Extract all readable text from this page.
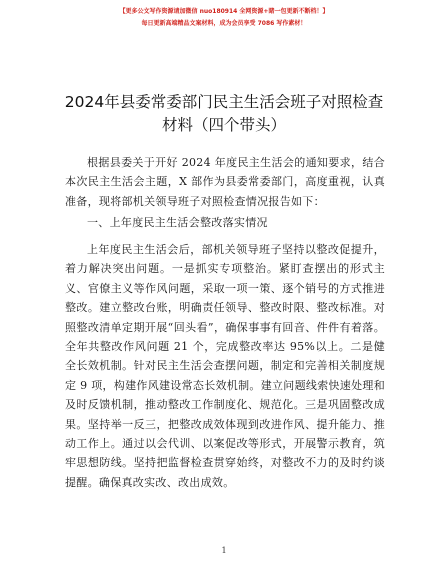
【更多公文写作资源请加微信 nuo180914 全网资源+睹一包更新不断档！】
每日更新高端精品文案材料，成为会员享受 7086 写作素材！
2024年县委常委部门民主生活会班子对照检查
材料（四个带头）

根据县委关于开好 2024 年度民主生活会的通知要求，结合本次民主生活会主题，X 部作为县委常委部门，高度重视，认真准备，现将部机关领导班子对照检查情况报告如下：

一、上年度民主生活会整改落实情况

上年度民主生活会后，部机关领导班子坚持以整改促提升，着力解决突出问题。一是抓实专项整治。紧盯查摆出的形式主义、官僚主义等作风问题，采取一项一策、逐个销号的方式推进整改。建立整改台账，明确责任领导、整改时限、整改标准。对照整改清单定期开展“回头看”，确保事事有回音、件件有着落。全年共整改作风问题 21 个，完成整改率达 95%以上。二是健全长效机制。针对民主生活会查摆问题，制定和完善相关制度规定 9 项，构建作风建设常态长效机制。建立问题线索快速处理和及时反馈机制，推动整改工作制度化、规范化。三是巩固整改成果。坚持举一反三，把整改成效体现到改进作风、提升能力、推动工作上。通过以会代训、以案促改等形式，开展警示教育，筑牢思想防线。坚持把监督检查贯穿始终，对整改不力的及时约谈提醒。确保真改实改、改出成效。

1
